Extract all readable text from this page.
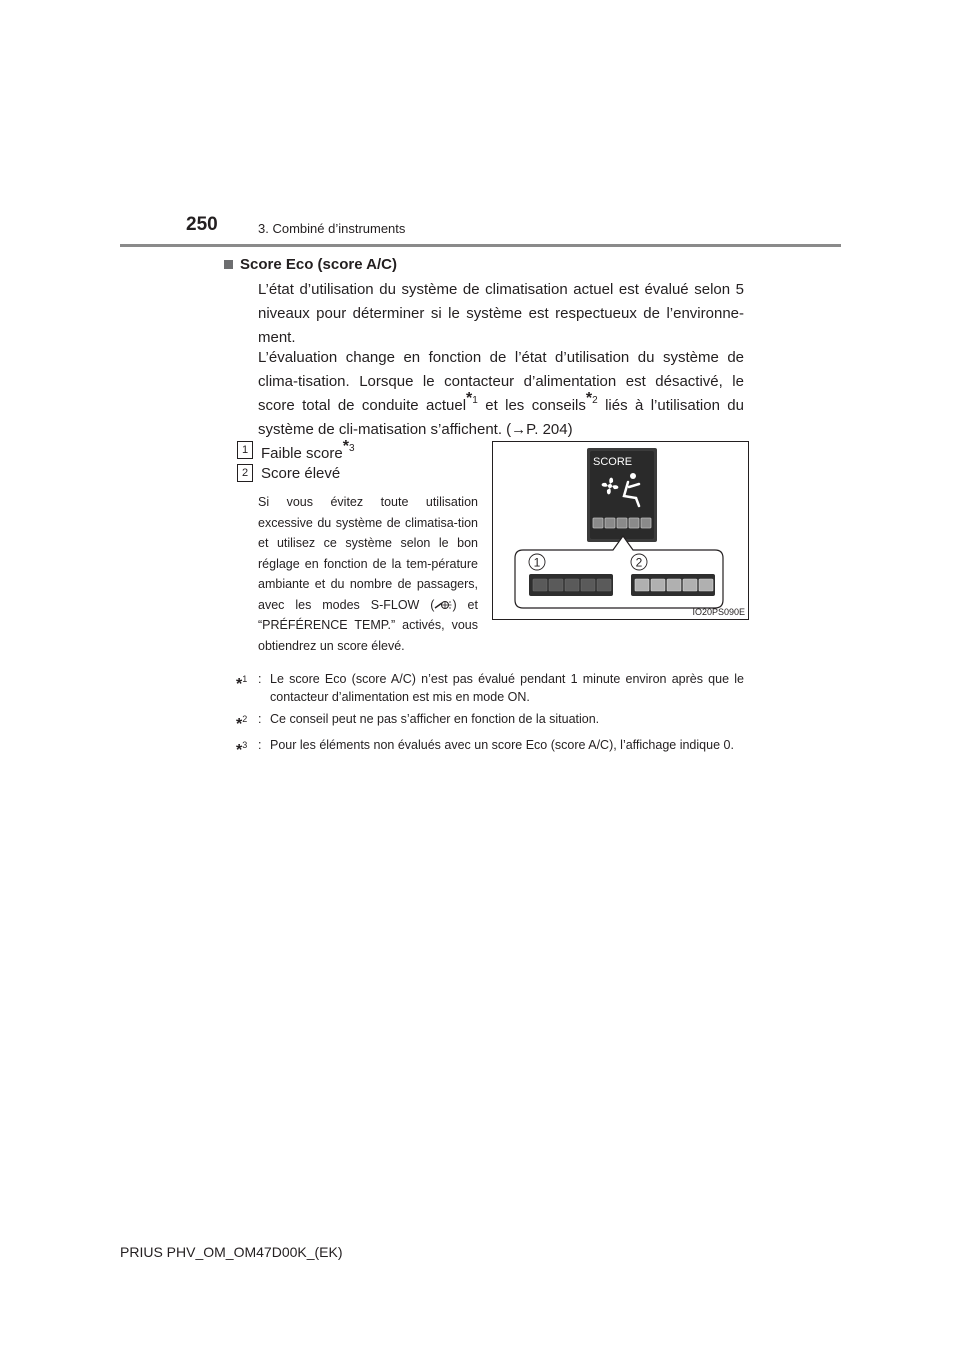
250	3. Combiné d’instruments
Score Eco (score A/C)

L’état d’utilisation du système de climatisation actuel est évalué selon 5 niveaux pour déterminer si le système est respectueux de l’environne-ment.

L’évaluation change en fonction de l’état d’utilisation du système de clima-tisation. Lorsque le contacteur d’alimentation est désactivé, le score total de conduite actuel$^{*1}$ et les conseils$^{*2}$ liés à l’utilisation du système de cli-matisation s’affichent. (→P. 204)

1 Faible score$^{*3}$
2 Score élevé

Si vous évitez toute utilisation excessive du système de climatisa-tion et utilisez ce système selon le bon réglage en fonction de la tem-pérature ambiante et du nombre de passagers, avec les modes S-FLOW ( ) et “PRÉFÉRENCE TEMP.” activés, vous obtiendrez un score élevé.

SCORE
1	2
IO20PS090E
*$^1$ : Le score Eco (score A/C) n’est pas évalué pendant 1 minute environ après que le contacteur d’alimentation est mis en mode ON.
*$^2$ : Ce conseil peut ne pas s’afficher en fonction de la situation.
*$^3$ : Pour les éléments non évalués avec un score Eco (score A/C), l’affichage indique 0.
PRIUS PHV_OM_OM47D00K_(EK)
